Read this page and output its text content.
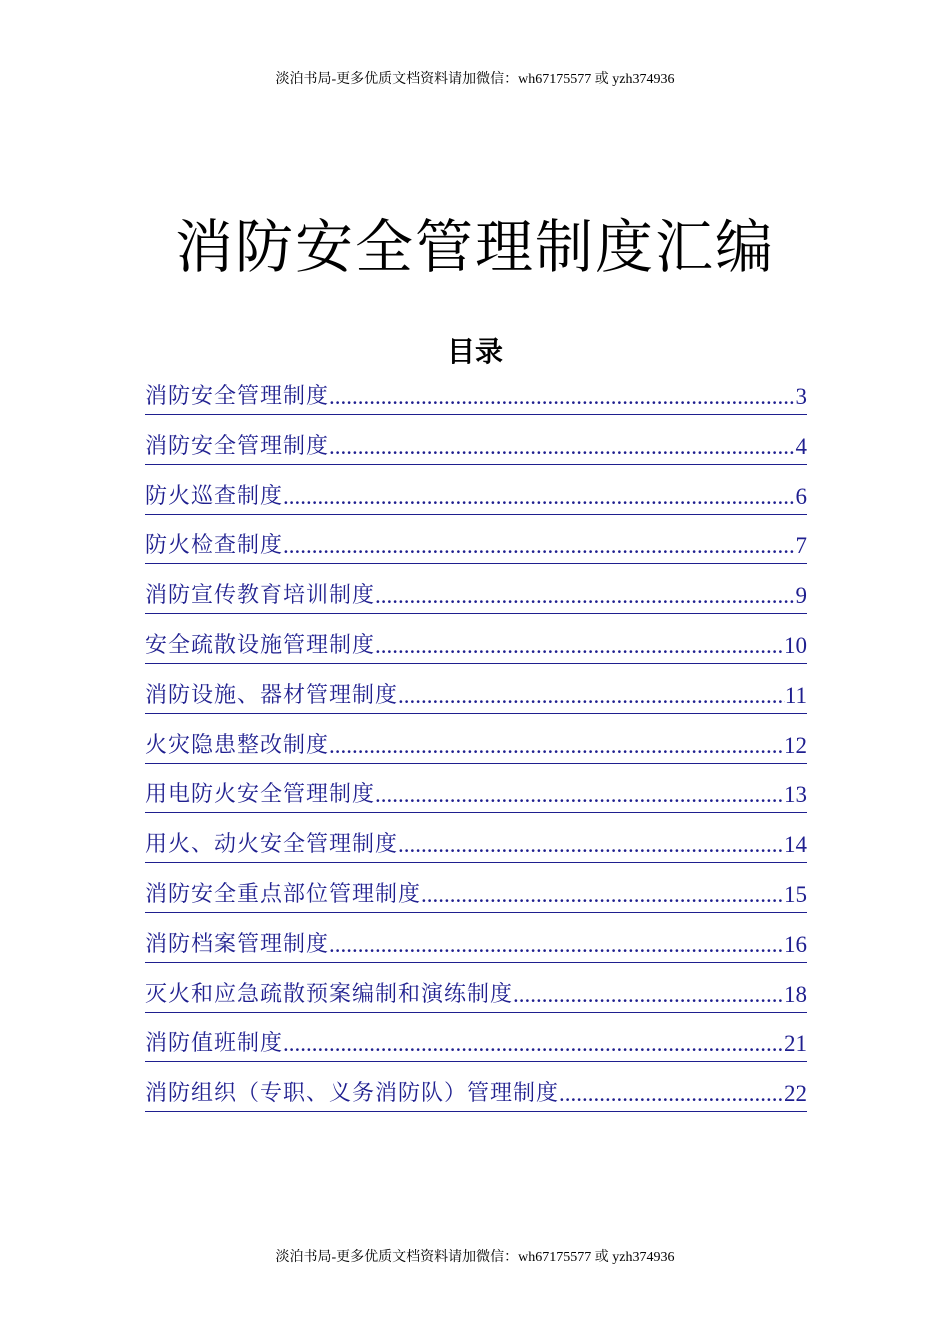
淡泊书局-更多优质文档资料请加微信：wh67175577 或 yzh374936
消防安全管理制度汇编
目录
消防安全管理制度 .....	3
消防安全管理制度 .....	4
防火巡查制度 .....	6
防火检查制度 .....	7
消防宣传教育培训制度 .....	9
安全疏散设施管理制度 .....	10
消防设施、器材管理制度 .....	11
火灾隐患整改制度 .....	12
用电防火安全管理制度 .....	13
用火、动火安全管理制度 .....	14
消防安全重点部位管理制度 .....	15
消防档案管理制度 .....	16
灭火和应急疏散预案编制和演练制度 .....	18
消防值班制度 .....	21
消防组织（专职、义务消防队）管理制度 .....	22
淡泊书局-更多优质文档资料请加微信：wh67175577 或 yzh374936
